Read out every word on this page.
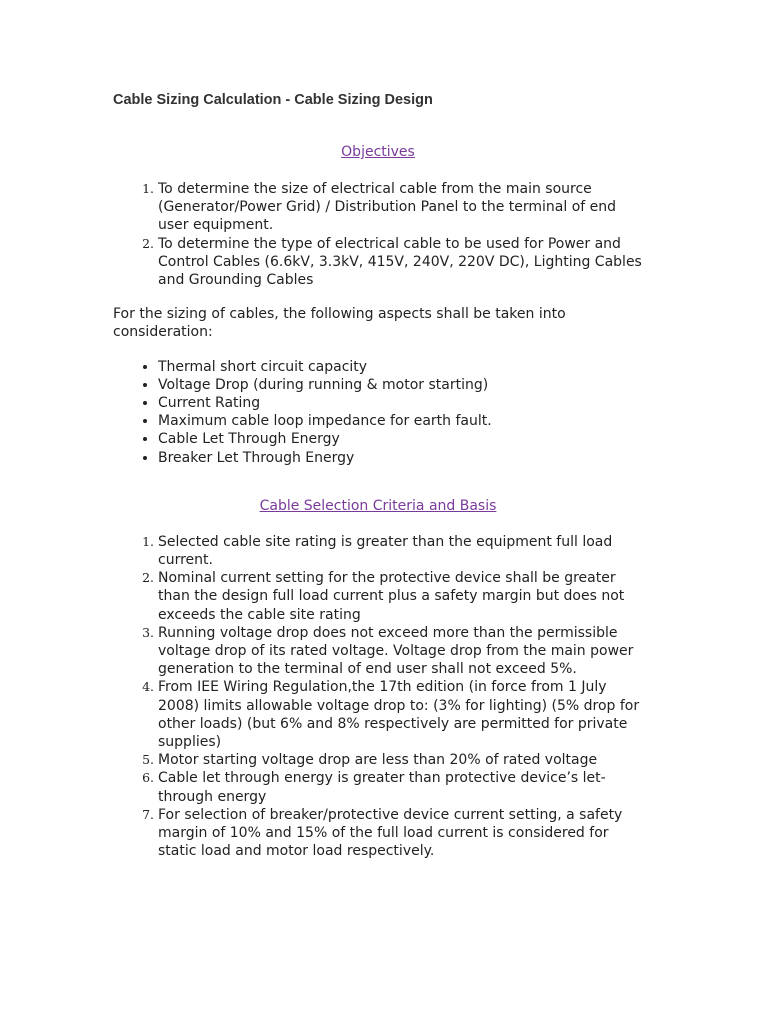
Cable Sizing Calculation - Cable Sizing Design
Objectives
1. To determine the size of electrical cable from the main source (Generator/Power Grid) / Distribution Panel to the terminal of end user equipment.
2. To determine the type of electrical cable to be used for Power and Control Cables (6.6kV, 3.3kV, 415V, 240V, 220V DC), Lighting Cables and Grounding Cables

For the sizing of cables, the following aspects shall be taken into consideration:

• Thermal short circuit capacity
• Voltage Drop (during running & motor starting)
• Current Rating
• Maximum cable loop impedance for earth fault.
• Cable Let Through Energy
• Breaker Let Through Energy
Cable Selection Criteria and Basis
1. Selected cable site rating is greater than the equipment full load current.
2. Nominal current setting for the protective device shall be greater than the design full load current plus a safety margin but does not exceeds the cable site rating
3. Running voltage drop does not exceed more than the permissible voltage drop of its rated voltage. Voltage drop from the main power generation to the terminal of end user shall not exceed 5%.
4. From IEE Wiring Regulation,the 17th edition (in force from 1 July 2008) limits allowable voltage drop to: (3% for lighting) (5% drop for other loads) (but 6% and 8% respectively are permitted for private supplies)
5. Motor starting voltage drop are less than 20% of rated voltage
6. Cable let through energy is greater than protective device’s let-through energy
7. For selection of breaker/protective device current setting, a safety margin of 10% and 15% of the full load current is considered for static load and motor load respectively.
